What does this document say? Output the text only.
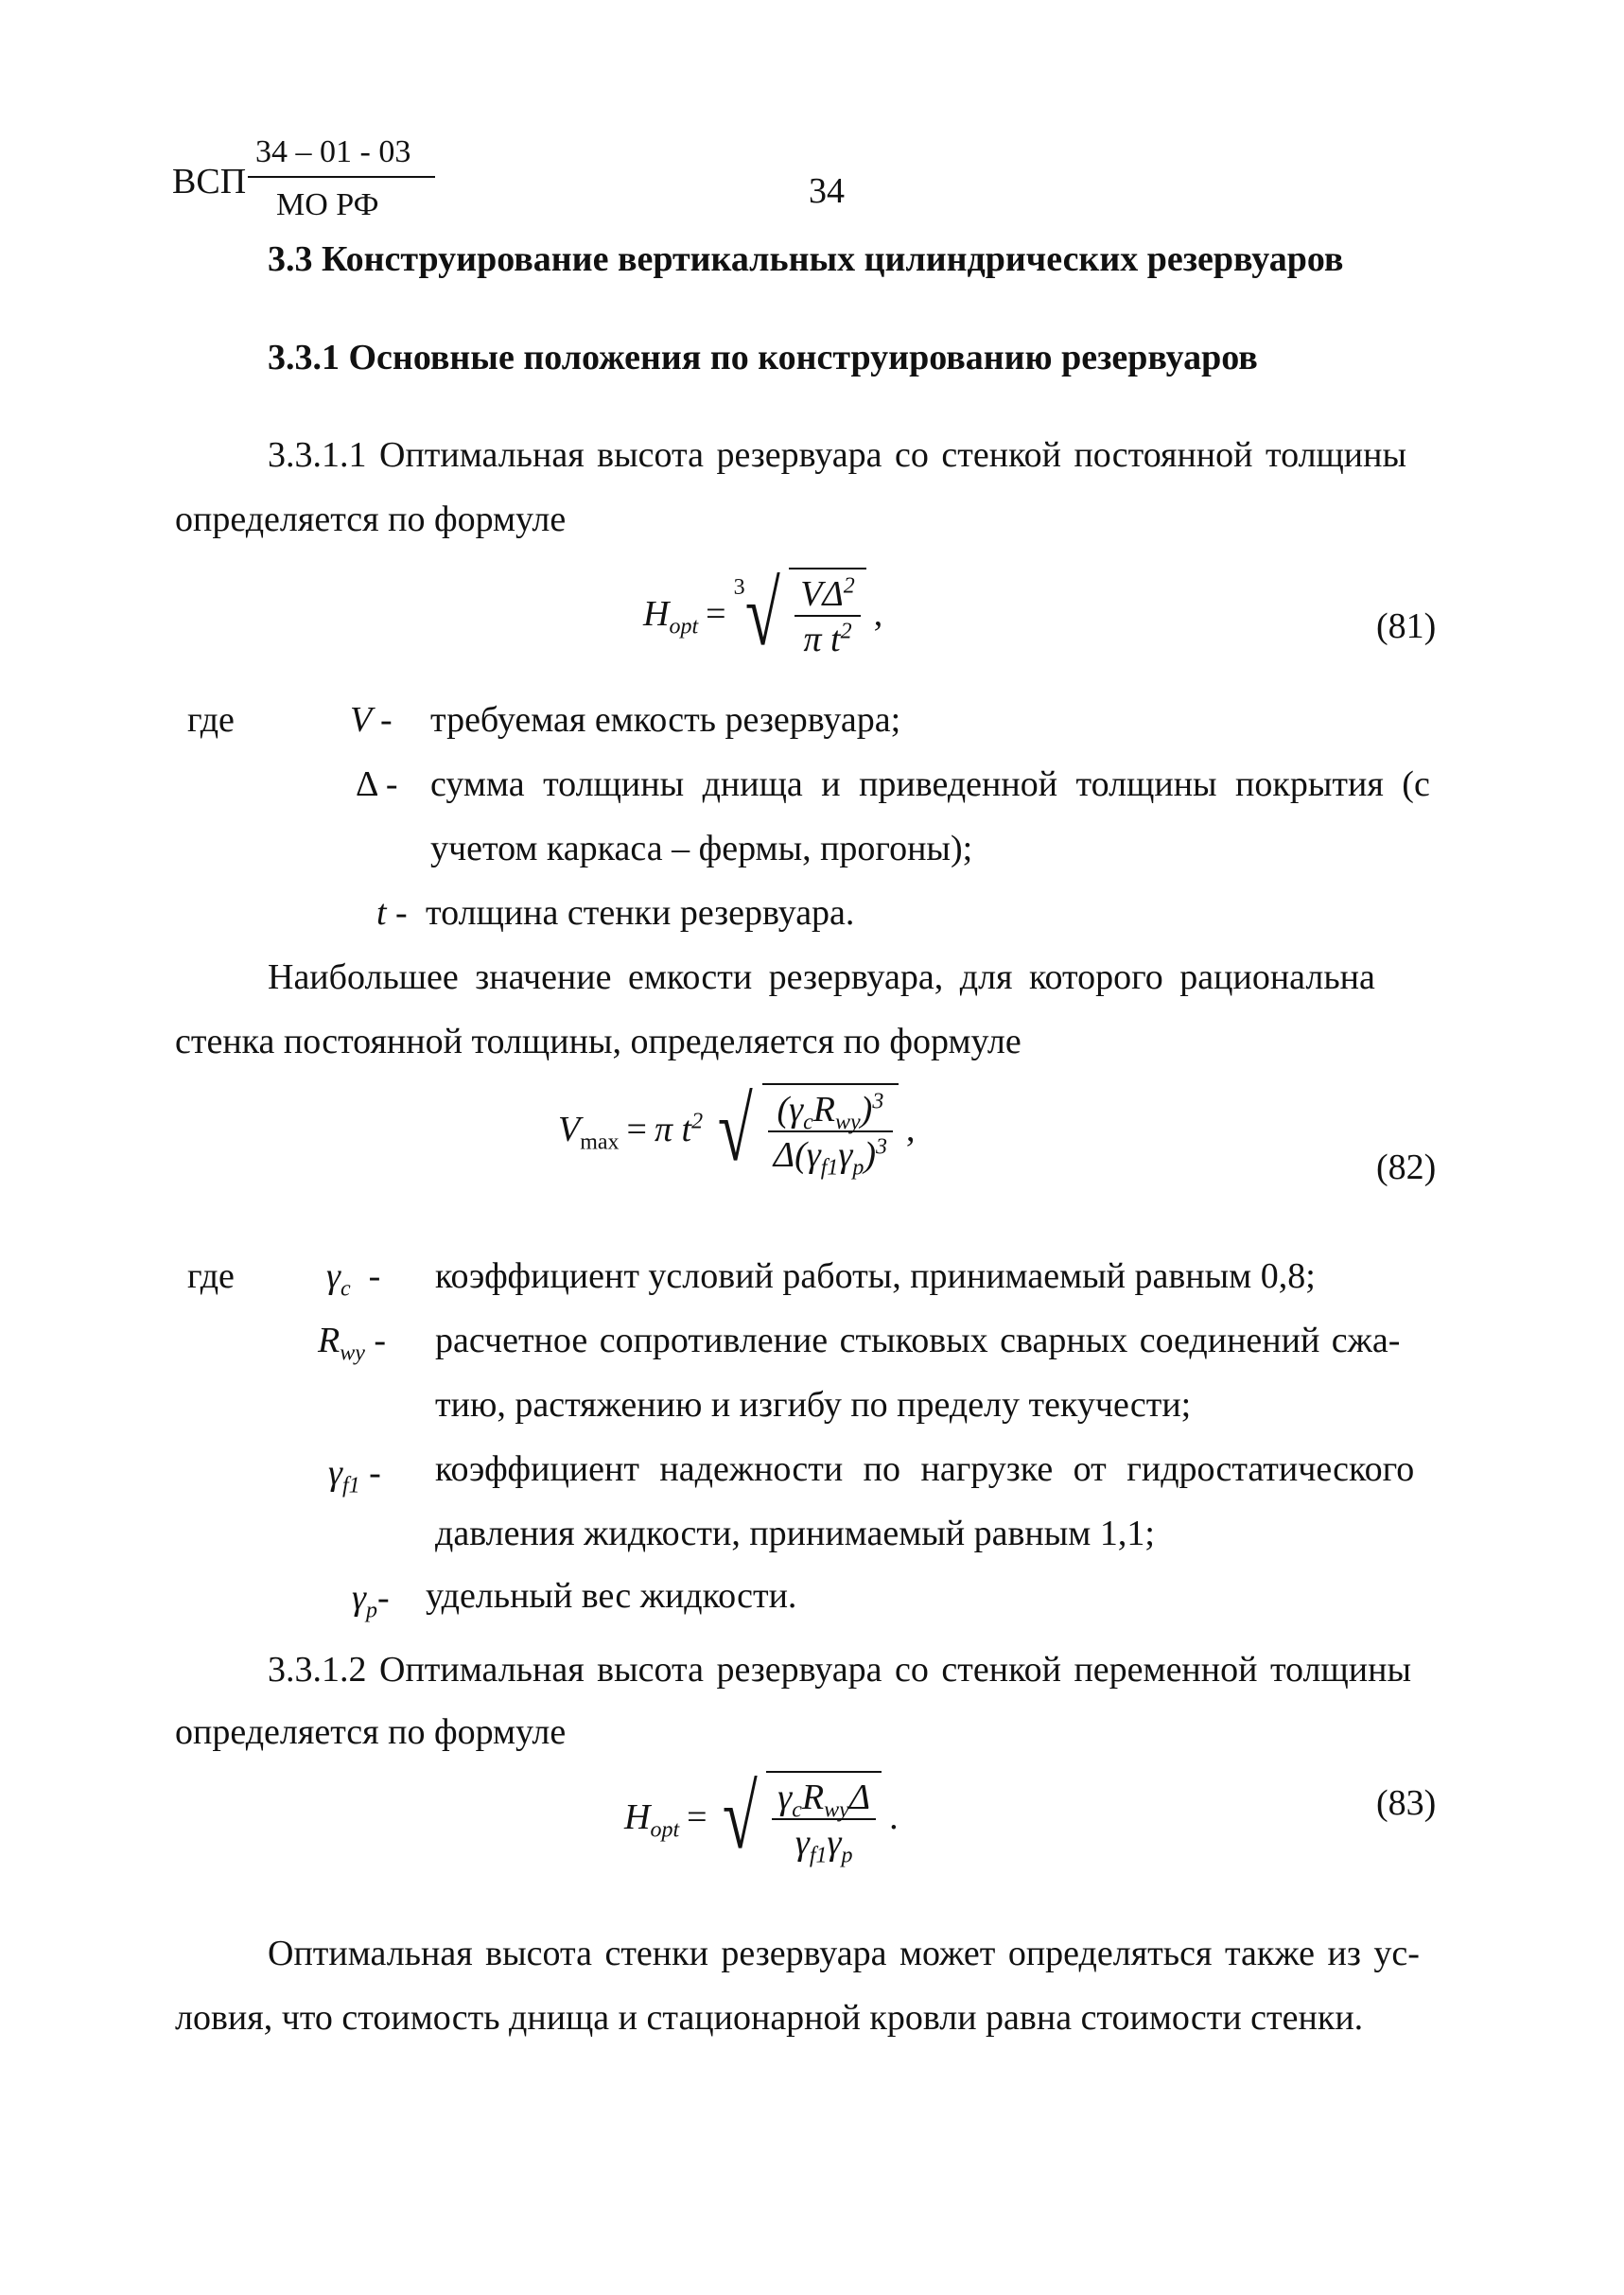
ВСП
34 – 01 - 03
МО РФ	34
3.3 Конструирование вертикальных цилиндрических резервуаров
3.3.1 Основные положения по конструированию резервуаров
3.3.1.1 Оптимальная высота резервуара со стенкой постоянной толщины
определяется по формуле
$H_{opt}$ =
3 √ $\frac{V\Delta^2}{\pi t^2}$ ,	(81)
где	V - требуемая емкость резервуара;
Δ - сумма толщины днища и приведенной толщины покрытия (с
учетом каркаса – фермы, прогоны);
t - толщина стенки резервуара.
Наибольшее значение емкости резервуара, для которого рациональна
стенка постоянной толщины, определяется по формуле
$V_{max} = \pi$ $t^2$ √ $\frac{(\gamma_cR_{wy})^3}{\Delta(\gamma_{f1}\gamma_p)^3}$ ,
(82)
где	$\gamma_c$  - коэффициент условий работы, принимаемый равным 0,8;
$R_{wy}$ - расчетное сопротивление стыковых сварных соединений сжа-
тию, растяжению и изгибу по пределу текучести;
$\gamma_{f1}$ - коэффициент надежности по нагрузке от гидростатического
давления жидкости, принимаемый равным 1,1;
$\gamma_p-$ удельный вес жидкости.
3.3.1.2 Оптимальная высота резервуара со стенкой переменной толщины
определяется по формуле
$H_{opt}$ = √ $\frac{\gamma_cR_{wy}\Delta}{\gamma_{f1}\gamma_p}$ .	(83)
Оптимальная высота стенки резервуара может определяться также из ус-
ловия, что стоимость днища и стационарной кровли равна стоимости стенки.
